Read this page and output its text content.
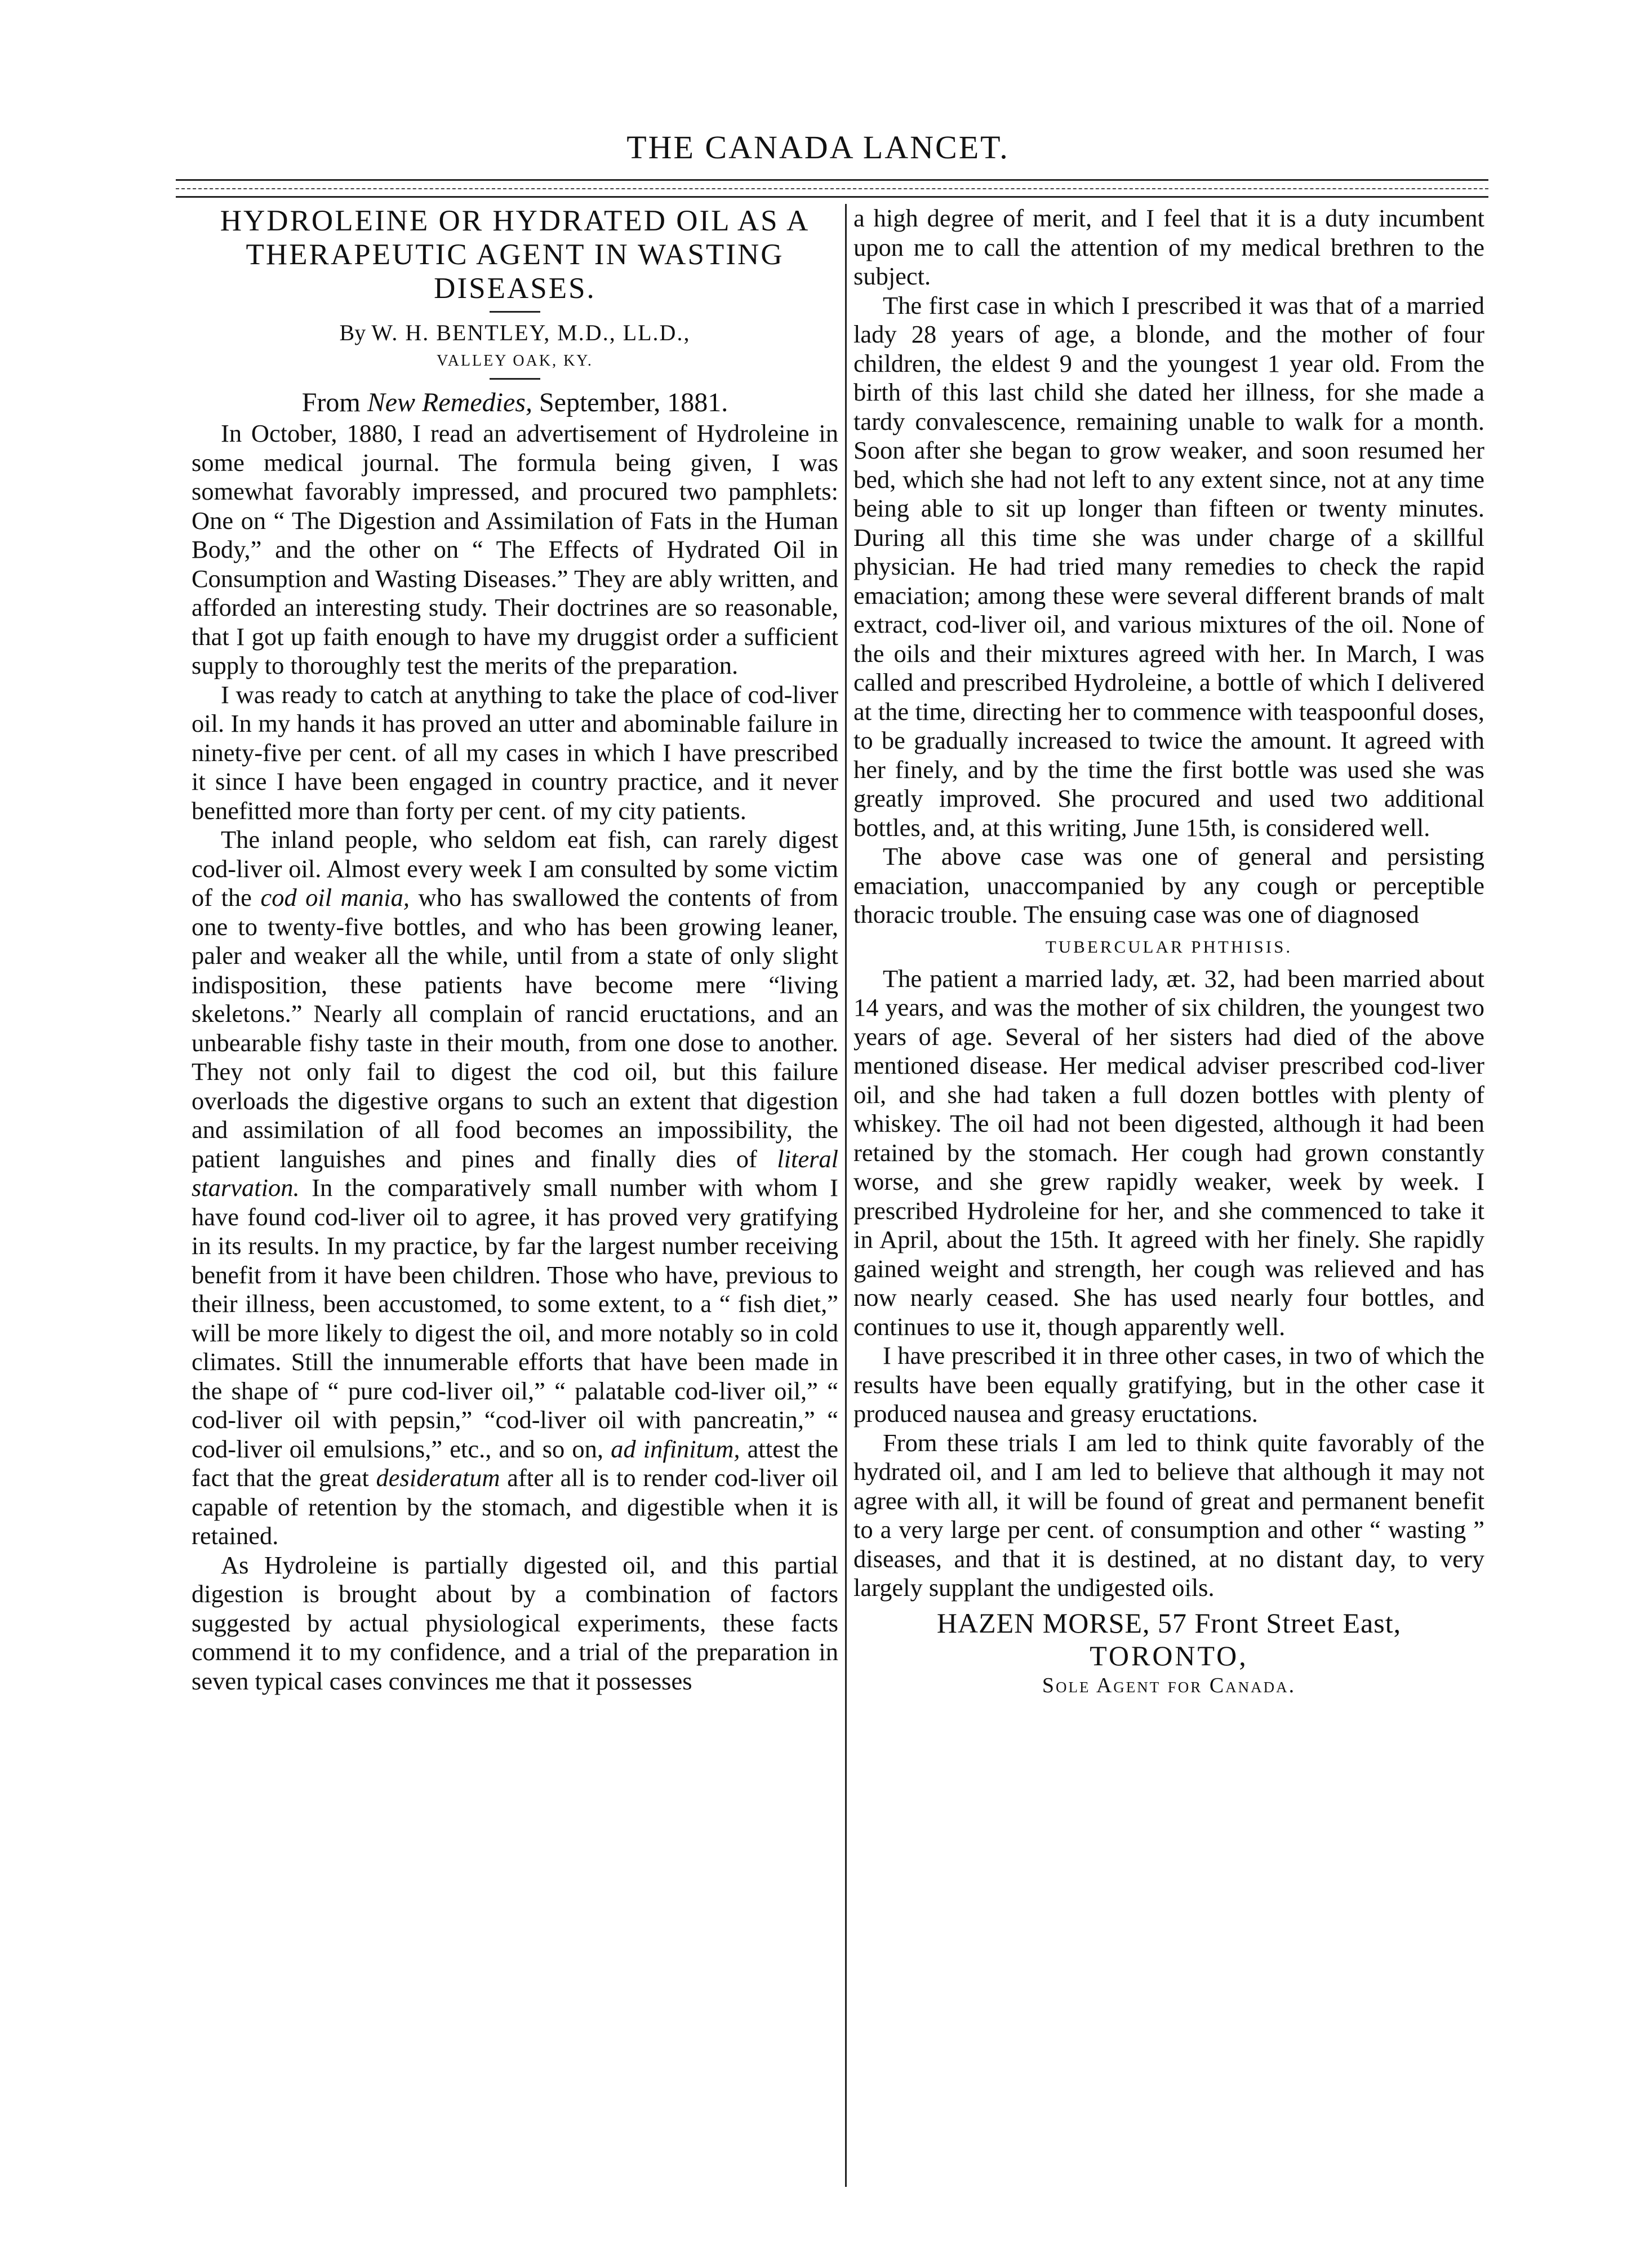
THE CANADA LANCET.
HYDROLEINE OR HYDRATED OIL AS A THERAPEUTIC AGENT IN WASTING DISEASES.
By W. H. BENTLEY, M.D., LL.D.,
VALLEY OAK, KY.
From New Remedies, September, 1881.

In October, 1880, I read an advertisement of Hydroleine in some medical journal. The formula being given, I was somewhat favorably impressed, and procured two pamphlets: One on “ The Digestion and Assimilation of Fats in the Human Body,” and the other on “ The Effects of Hydrated Oil in Consumption and Wasting Diseases.” They are ably written, and afforded an interesting study. Their doctrines are so reasonable, that I got up faith enough to have my druggist order a sufficient supply to thoroughly test the merits of the preparation.

I was ready to catch at anything to take the place of cod-liver oil. In my hands it has proved an utter and abominable failure in ninety-five per cent. of all my cases in which I have prescribed it since I have been engaged in country practice, and it never benefitted more than forty per cent. of my city patients.

The inland people, who seldom eat fish, can rarely digest cod-liver oil. Almost every week I am consulted by some victim of the cod oil mania, who has swallowed the contents of from one to twenty-five bottles, and who has been growing leaner, paler and weaker all the while, until from a state of only slight indisposition, these patients have become mere “living skeletons.” Nearly all complain of rancid eructations, and an unbearable fishy taste in their mouth, from one dose to another. They not only fail to digest the cod oil, but this failure overloads the digestive organs to such an extent that digestion and assimilation of all food becomes an impossibility, the patient languishes and pines and finally dies of literal starvation. In the comparatively small number with whom I have found cod-liver oil to agree, it has proved very gratifying in its results. In my practice, by far the largest number receiving benefit from it have been children. Those who have, previous to their illness, been accustomed, to some extent, to a “ fish diet,” will be more likely to digest the oil, and more notably so in cold climates. Still the innumerable efforts that have been made in the shape of “ pure cod-liver oil,” “ palatable cod-liver oil,” “ cod-liver oil with pepsin,” “cod-liver oil with pancreatin,” “ cod-liver oil emulsions,” etc., and so on, ad infinitum, attest the fact that the great desideratum after all is to render cod-liver oil capable of retention by the stomach, and digestible when it is retained.

As Hydroleine is partially digested oil, and this partial digestion is brought about by a combination of factors suggested by actual physiological experiments, these facts commend it to my confidence, and a trial of the preparation in seven typical cases convinces me that it possesses

a high degree of merit, and I feel that it is a duty incumbent upon me to call the attention of my medical brethren to the subject.

The first case in which I prescribed it was that of a married lady 28 years of age, a blonde, and the mother of four children, the eldest 9 and the youngest 1 year old. From the birth of this last child she dated her illness, for she made a tardy convalescence, remaining unable to walk for a month. Soon after she began to grow weaker, and soon resumed her bed, which she had not left to any extent since, not at any time being able to sit up longer than fifteen or twenty minutes. During all this time she was under charge of a skillful physician. He had tried many remedies to check the rapid emaciation; among these were several different brands of malt extract, cod-liver oil, and various mixtures of the oil. None of the oils and their mixtures agreed with her. In March, I was called and prescribed Hydroleine, a bottle of which I delivered at the time, directing her to commence with teaspoonful doses, to be gradually increased to twice the amount. It agreed with her finely, and by the time the first bottle was used she was greatly improved. She procured and used two additional bottles, and, at this writing, June 15th, is considered well.

The above case was one of general and persisting emaciation, unaccompanied by any cough or perceptible thoracic trouble. The ensuing case was one of diagnosed

TUBERCULAR PHTHISIS.

The patient a married lady, æt. 32, had been married about 14 years, and was the mother of six children, the youngest two years of age. Several of her sisters had died of the above mentioned disease. Her medical adviser prescribed cod-liver oil, and she had taken a full dozen bottles with plenty of whiskey. The oil had not been digested, although it had been retained by the stomach. Her cough had grown constantly worse, and she grew rapidly weaker, week by week. I prescribed Hydroleine for her, and she commenced to take it in April, about the 15th. It agreed with her finely. She rapidly gained weight and strength, her cough was relieved and has now nearly ceased. She has used nearly four bottles, and continues to use it, though apparently well.

I have prescribed it in three other cases, in two of which the results have been equally gratifying, but in the other case it produced nausea and greasy eructations.

From these trials I am led to think quite favorably of the hydrated oil, and I am led to believe that although it may not agree with all, it will be found of great and permanent benefit to a very large per cent. of consumption and other “ wasting ” diseases, and that it is destined, at no distant day, to very largely supplant the undigested oils.

HAZEN MORSE, 57 Front Street East,
TORONTO,
Sole Agent for Canada.
